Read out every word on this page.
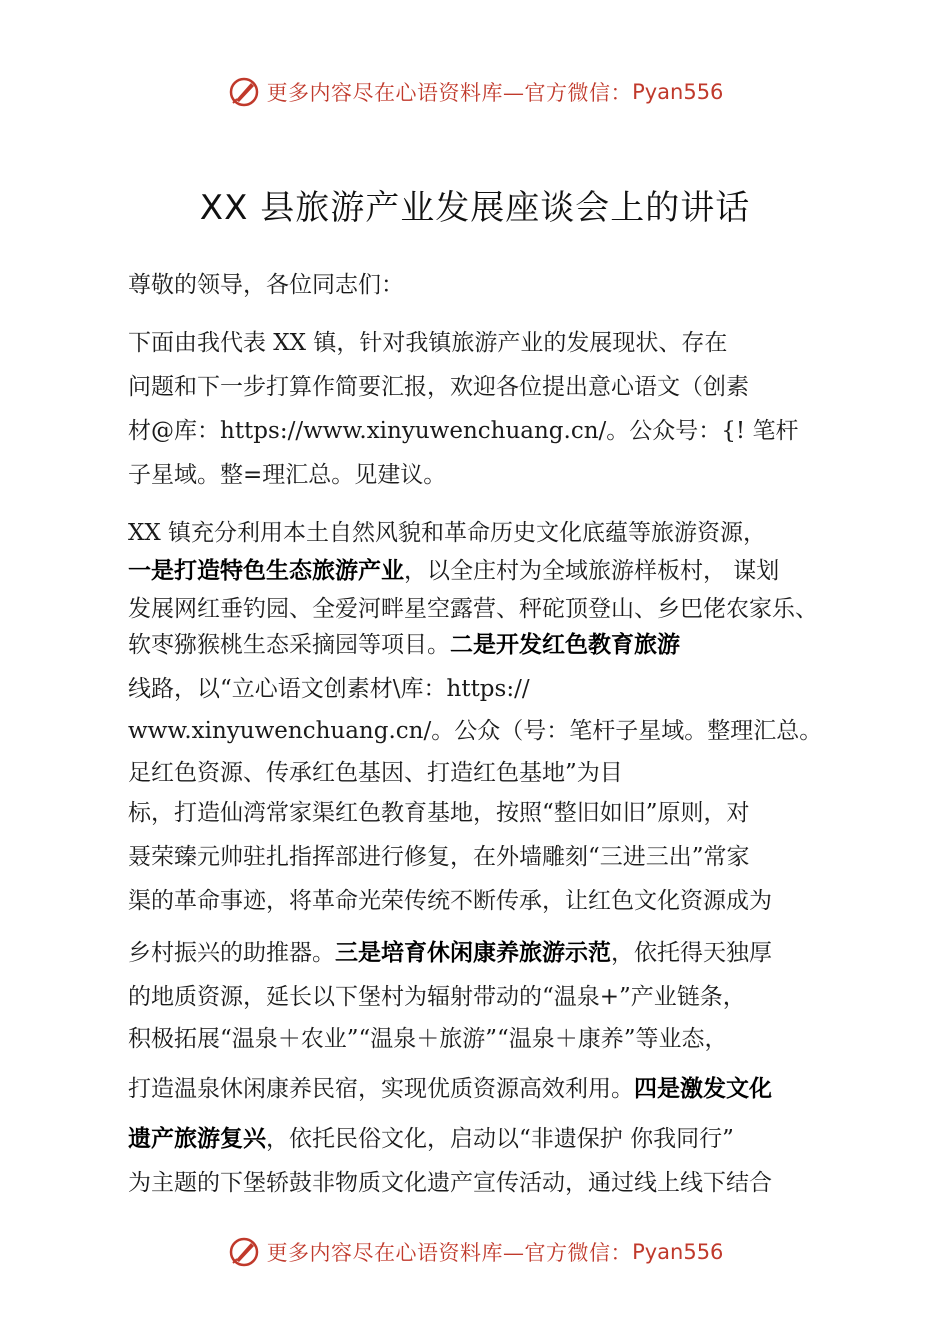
更多内容尽在心语资料库—官方微信： Pyan556
XX 县旅游产业发展座谈会上的讲话
尊敬的领导，各位同志们：
下面由我代表 XX 镇，针对我镇旅游产业的发展现状、存在
问题和下一步打算作简要汇报，欢迎各位提出意心语文（创素
材@库：https://www.xinyuwenchuang.cn/。公众号：{! 笔杆
子星域。整=理汇总。见建议。
XX 镇充分利用本土自然风貌和革命历史文化底蕴等旅游资源，
一是打造特色生态旅游产业，以全庄村为全域旅游样板村， 谋划
发展网红垂钓园、全爱河畔星空露营、秤砣顶登山、乡巴佬农家乐、
软枣猕猴桃生态采摘园等项目。二是开发红色教育旅游
线路，以“立心语文创素材\库：https://
www.xinyuwenchuang.cn/。公众（号：笔杆子星域。整理汇总。
足红色资源、传承红色基因、打造红色基地”为目
标，打造仙湾常家渠红色教育基地，按照“整旧如旧”原则，对
聂荣臻元帅驻扎指挥部进行修复，在外墙雕刻“三进三出”常家
渠的革命事迹，将革命光荣传统不断传承，让红色文化资源成为
乡村振兴的助推器。三是培育休闲康养旅游示范，依托得天独厚
的地质资源，延长以下堡村为辐射带动的“温泉+”产业链条，
积极拓展“温泉＋农业”“温泉＋旅游”“温泉＋康养”等业态，
打造温泉休闲康养民宿，实现优质资源高效利用。四是激发文化
遗产旅游复兴，依托民俗文化，启动以“非遗保护 你我同行”
为主题的下堡轿鼓非物质文化遗产宣传活动，通过线上线下结合
更多内容尽在心语资料库—官方微信： Pyan556
